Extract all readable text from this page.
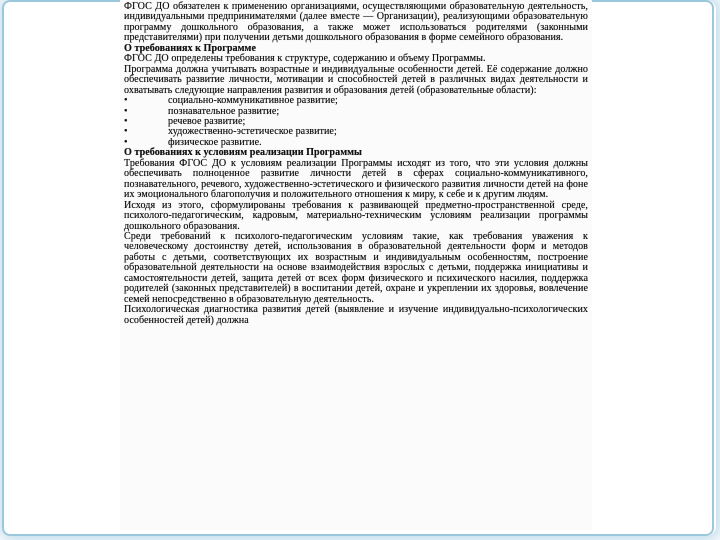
ФГОС ДО обязателен к применению организациями, осуществляющими образовательную деятельность, индивидуальными предпринимателями (далее вместе — Организации), реализующими образовательную программу дошкольного образования, а также может использоваться родителями (законными представителями) при получении детьми дошкольного образования в форме семейного образования.

О требованиях к Программе

ФГОС ДО определены требования к структуре, содержанию и объему Программы.

Программа должна учитывать возрастные и индивидуальные особенности детей. Её содержание должно обеспечивать развитие личности, мотивации и способностей детей в различных видах деятельности и охватывать следующие направления развития и образования детей (образовательные области):

•	социально-коммуникативное развитие;
•	познавательное развитие;
•	речевое развитие;
•	художественно-эстетическое развитие;
•	физическое развитие.

О требованиях к условиям реализации Программы

Требования ФГОС ДО к условиям реализации Программы исходят из того, что эти условия должны обеспечивать полноценное развитие личности детей в сферах социально-коммуникативного, познавательного, речевого, художественно-эстетического и физического развития личности детей на фоне их эмоционального благополучия и положительного отношения к миру, к себе и к другим людям.

Исходя из этого, сформулированы требования к развивающей предметно-пространственной среде, психолого-педагогическим, кадровым, материально-техническим условиям реализации программы дошкольного образования.

Среди требований к психолого-педагогическим условиям такие, как требования уважения к человеческому достоинству детей, использования в образовательной деятельности форм и методов работы с детьми, соответствующих их возрастным и индивидуальным особенностям, построение образовательной деятельности на основе взаимодействия взрослых с детьми, поддержка инициативы и самостоятельности детей, защита детей от всех форм физического и психического насилия, поддержка родителей (законных представителей) в воспитании детей, охране и укреплении их здоровья, вовлечение семей непосредственно в образовательную деятельность.

Психологическая диагностика развития детей (выявление и изучение индивидуально-психологических особенностей детей) должна
